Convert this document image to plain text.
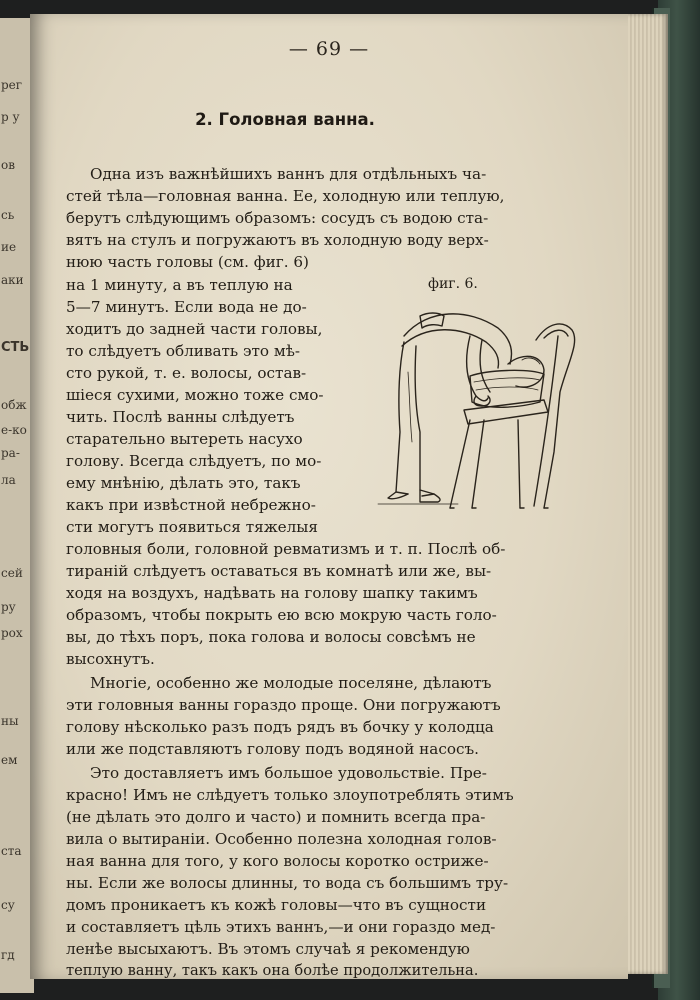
рег
р у
ов
сь
ие
аки
СТЬ
обж
е-ко
ра-
ла
сей
ру
рох
ны
ем
ста
су
гд
— 69 —
2. Головная ванна.
Одна изъ важнѣйшихъ ваннъ для отдѣльныхъ ча-
стей тѣла—головная ванна. Ее, холодную или теплую,
берутъ слѣдующимъ образомъ: сосудъ съ водою ста-
вятъ на стулъ и погружаютъ въ холодную воду верх-
нюю часть головы (см. фиг. 6)
фиг. 6.
на 1 минуту, а въ теплую на
5—7 минутъ. Если вода не до-
ходитъ до задней части головы,
то слѣдуетъ обливать это мѣ-
сто рукой, т. е. волосы, остав-
шіеся сухими, можно тоже смо-
чить. Послѣ ванны слѣдуетъ
старательно вытереть насухо
голову. Всегда слѣдуетъ, по мо-
ему мнѣнію, дѣлать это, такъ
какъ при извѣстной небрежно-
сти могутъ появиться тяжелыя
головныя боли, головной ревматизмъ и т. п. Послѣ об-
тираній слѣдуетъ оставаться въ комнатѣ или же, вы-
ходя на воздухъ, надѣвать на голову шапку такимъ
образомъ, чтобы покрыть ею всю мокрую часть голо-
вы, до тѣхъ поръ, пока голова и волосы совсѣмъ не
высохнутъ.
Многіе, особенно же молодые поселяне, дѣлаютъ
эти головныя ванны гораздо проще. Они погружаютъ
голову нѣсколько разъ подъ рядъ въ бочку у колодца
или же подставляютъ голову подъ водяной насосъ.
Это доставляетъ имъ большое удовольствіе. Пре-
красно! Имъ не слѣдуетъ только злоупотреблять этимъ
(не дѣлать это долго и часто) и помнить всегда пра-
вила о вытираніи. Особенно полезна холодная голов-
ная ванна для того, у кого волосы коротко остриже-
ны. Если же волосы длинны, то вода съ большимъ тру-
домъ проникаетъ къ кожѣ головы—что въ сущности
и составляетъ цѣль этихъ ваннъ,—и они гораздо мед-
ленѣе высыхаютъ. Въ этомъ случаѣ я рекомендую
теплую ванну, такъ какъ она болѣе продолжительна.
